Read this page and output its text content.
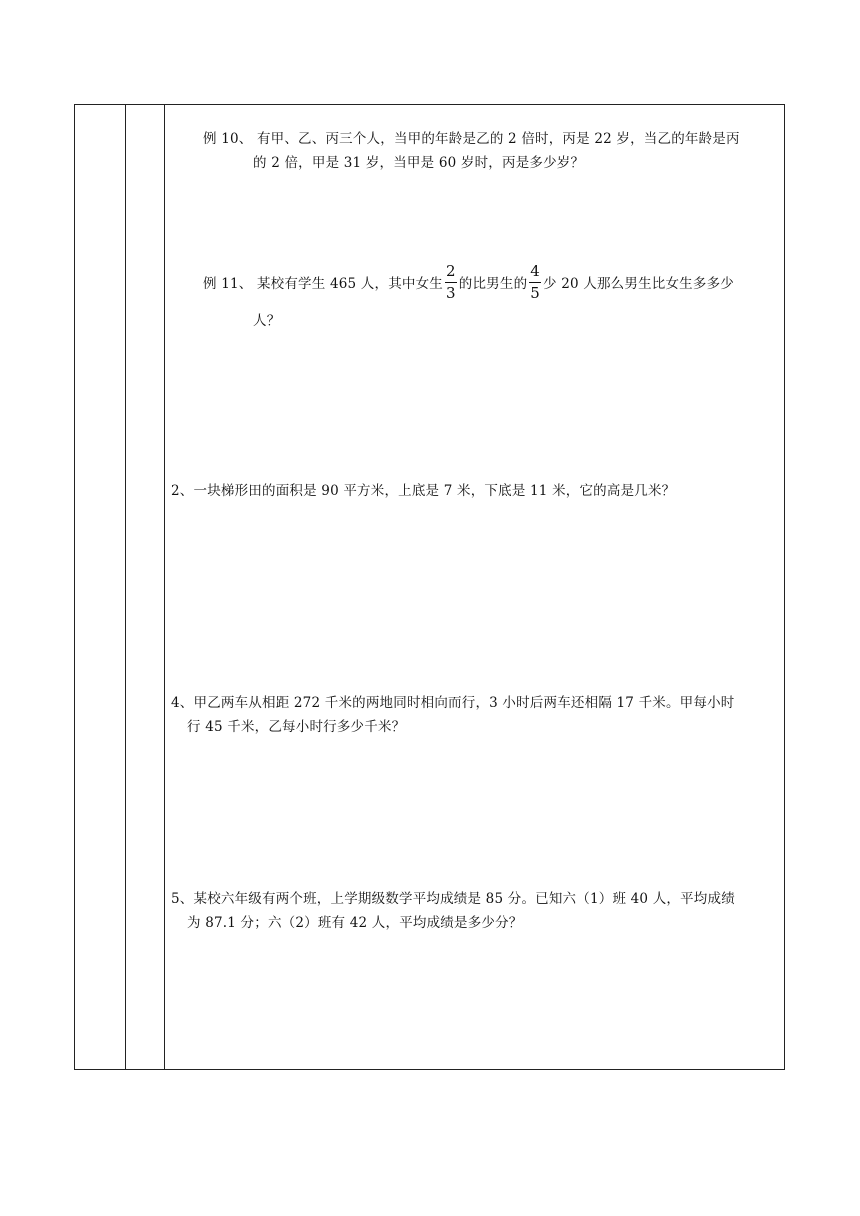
例 10、 有甲、乙、丙三个人，当甲的年龄是乙的 2 倍时，丙是 22 岁，当乙的年龄是丙
的 2 倍，甲是 31 岁，当甲是 60 岁时，丙是多少岁？
例 11、 某校有学生 465 人，其中女生 $\frac{2}{3}$ 的比男生的 $\frac{4}{5}$ 少 20 人那么男生比女生多多少
人？
2、一块梯形田的面积是 90 平方米，上底是 7 米，下底是 11 米，它的高是几米？
4、甲乙两车从相距 272 千米的两地同时相向而行，3 小时后两车还相隔 17 千米。甲每小时
行 45 千米，乙每小时行多少千米？
5、某校六年级有两个班，上学期级数学平均成绩是 85 分。已知六（1）班 40 人，平均成绩
为 87.1 分；六（2）班有 42 人，平均成绩是多少分？
